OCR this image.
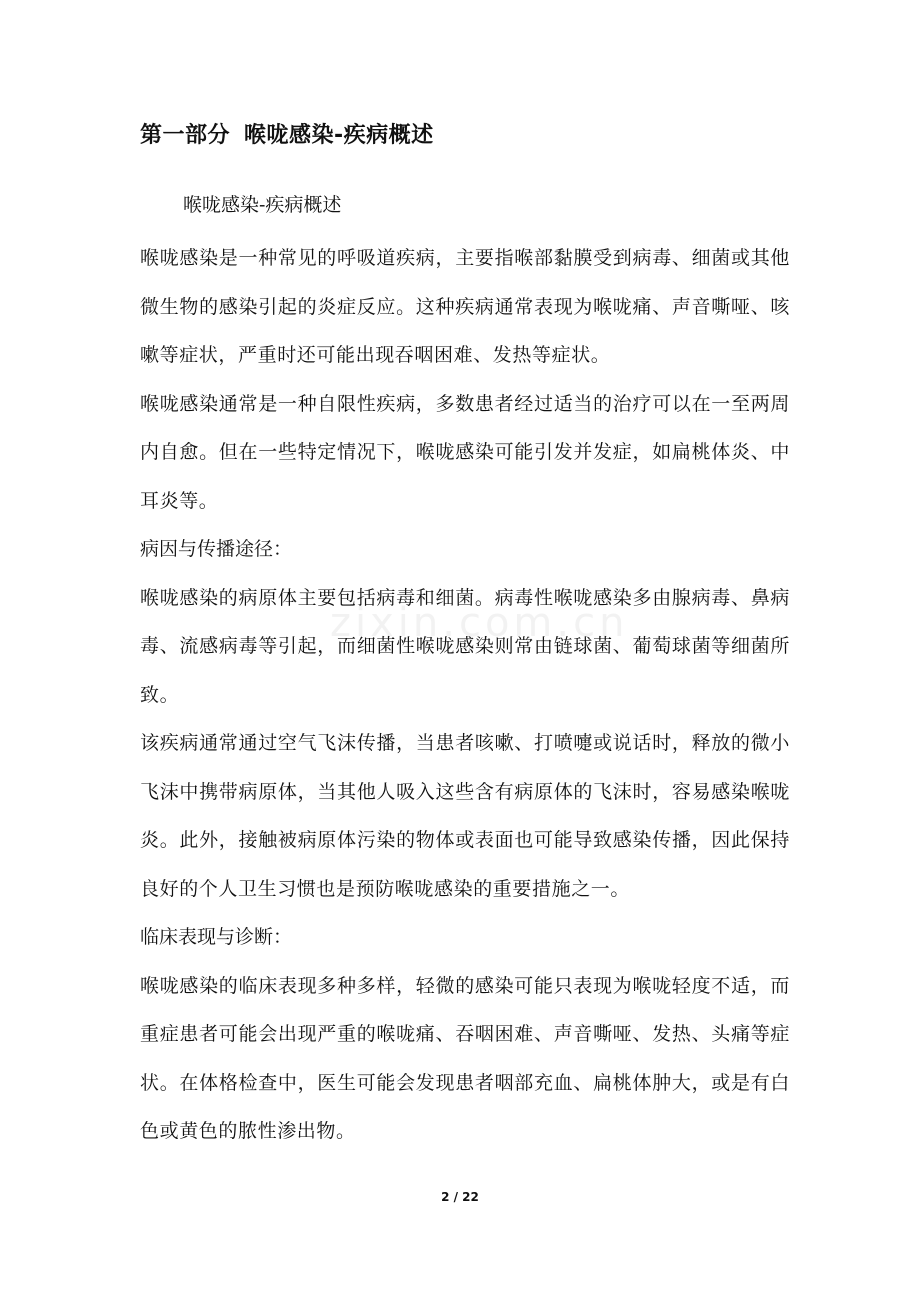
第一部分 喉咙感染-疾病概述
喉咙感染-疾病概述

喉咙感染是一种常见的呼吸道疾病，主要指喉部黏膜受到病毒、细菌或其他微生物的感染引起的炎症反应。这种疾病通常表现为喉咙痛、声音嘶哑、咳嗽等症状，严重时还可能出现吞咽困难、发热等症状。

喉咙感染通常是一种自限性疾病，多数患者经过适当的治疗可以在一至两周内自愈。但在一些特定情况下，喉咙感染可能引发并发症，如扁桃体炎、中耳炎等。

病因与传播途径：

喉咙感染的病原体主要包括病毒和细菌。病毒性喉咙感染多由腺病毒、鼻病毒、流感病毒等引起，而细菌性喉咙感染则常由链球菌、葡萄球菌等细菌所致。

该疾病通常通过空气飞沫传播，当患者咳嗽、打喷嚏或说话时，释放的微小飞沫中携带病原体，当其他人吸入这些含有病原体的飞沫时，容易感染喉咙炎。此外，接触被病原体污染的物体或表面也可能导致感染传播，因此保持良好的个人卫生习惯也是预防喉咙感染的重要措施之一。

临床表现与诊断：

喉咙感染的临床表现多种多样，轻微的感染可能只表现为喉咙轻度不适，而重症患者可能会出现严重的喉咙痛、吞咽困难、声音嘶哑、发热、头痛等症状。在体格检查中，医生可能会发现患者咽部充血、扁桃体肿大，或是有白色或黄色的脓性渗出物。

zixin.com.cn
2 / 22
